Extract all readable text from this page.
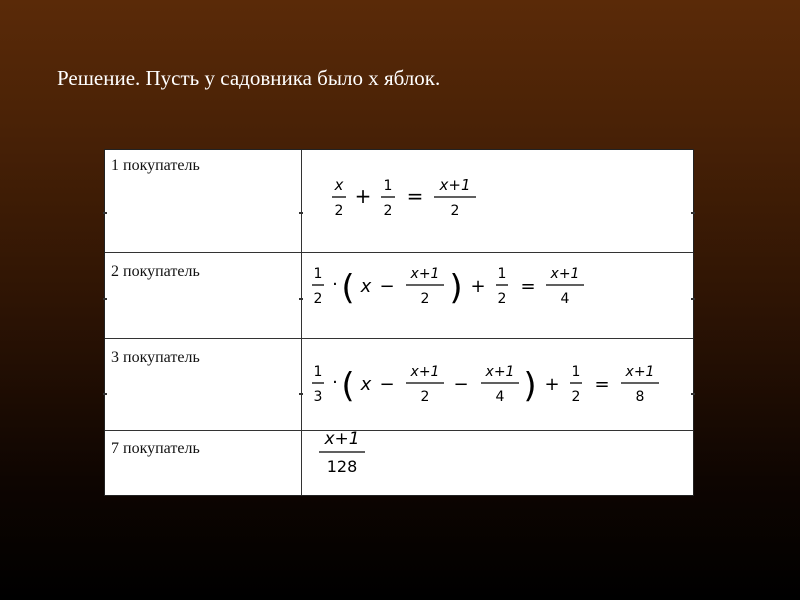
Решение. Пусть у садовника было х яблок.
1 покупатель
2 покупатель
3 покупатель
7 покупатель
x
2
+ 1
2
= x+1
2
1
2
· ( x −
x+1
2 ) +
1
2
=
x+1
4
1
3
· ( x −
x+1
2
−
x+1
4 ) +
1
2
=
x+1
8
x+1
128
